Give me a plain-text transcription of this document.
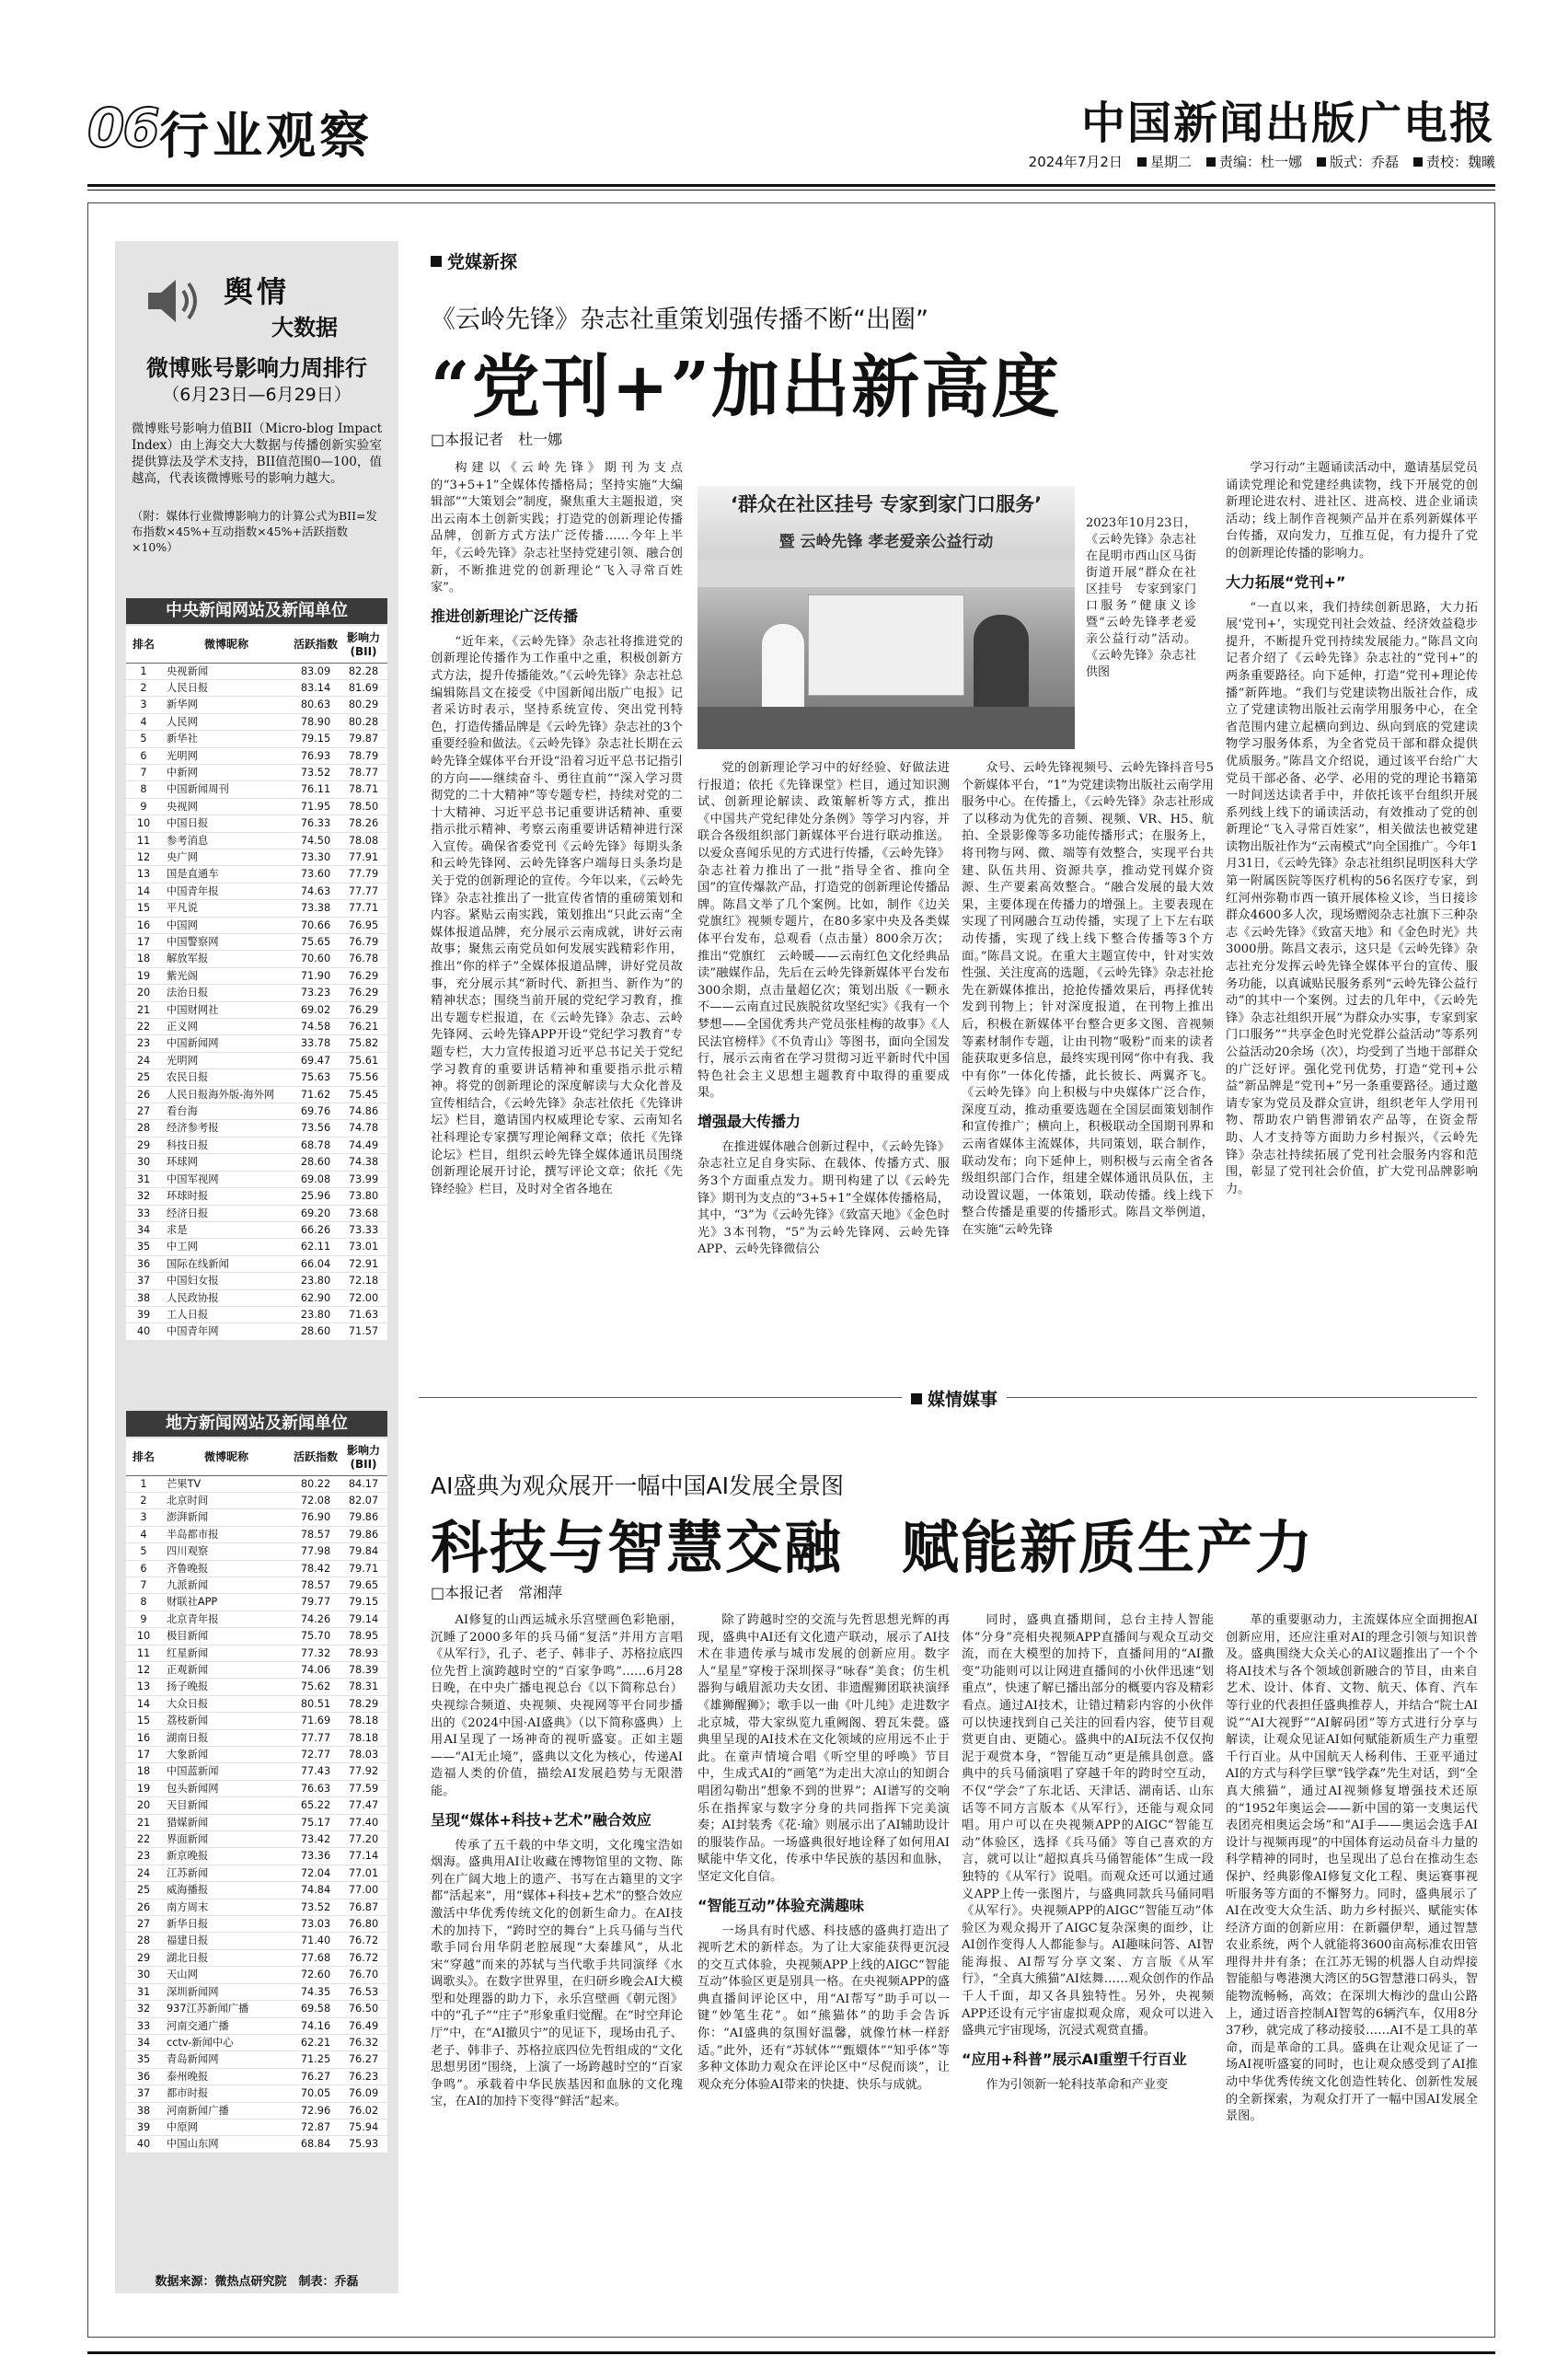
06 行业观察	中国新闻出版广电报
2024年7月2日	星期二	责编：杜一娜	版式：乔磊	责校：魏曦
舆情
大数据
微博账号影响力周排行
（6月23日—6月29日）
微博账号影响力值BII（Micro-blog Impact Index）由上海交大大数据与传播创新实验室提供算法及学术支持，BII值范围0—100，值越高，代表该微博账号的影响力越大。
（附：媒体行业微博影响力的计算公式为BII=发布指数×45%+互动指数×45%+活跃指数×10%）
中央新闻网站及新闻单位
排名	微博昵称	活跃指数	影响力(BII)
1	央视新闻	83.09	82.28
2	人民日报	83.14	81.69
3	新华网	80.63	80.29
4	人民网	78.90	80.28
5	新华社	79.15	79.87
6	光明网	76.93	78.79
7	中新网	73.52	78.77
8	中国新闻周刊	76.11	78.71
9	央视网	71.95	78.50
10	中国日报	76.33	78.26
11	参考消息	74.50	78.08
12	央广网	73.30	77.91
13	国是直通车	73.60	77.79
14	中国青年报	74.63	77.77
15	平凡说	73.38	77.71
16	中国网	70.66	76.95
17	中国警察网	75.65	76.79
18	解放军报	70.60	76.78
19	紫光阁	71.90	76.29
20	法治日报	73.23	76.29
21	中国财网社	69.02	76.29
22	正义网	74.58	76.21
23	中国新闻网	33.78	75.82
24	光明网	69.47	75.61
25	农民日报	75.63	75.56
26	人民日报海外版-海外网	71.62	75.45
27	看台海	69.76	74.86
28	经济参考报	73.56	74.78
29	科技日报	68.78	74.49
30	环球网	28.60	74.38
31	中国军视网	69.08	73.99
32	环球时报	25.96	73.80
33	经济日报	69.20	73.68
34	求是	66.26	73.33
35	中工网	62.11	73.01
36	国际在线新闻	66.04	72.91
37	中国妇女报	23.80	72.18
38	人民政协报	62.90	72.00
39	工人日报	23.80	71.63
40	中国青年网	28.60	71.57
地方新闻网站及新闻单位
排名	微博昵称	活跃指数	影响力(BII)
1	芒果TV	80.22	84.17
2	北京时间	72.08	82.07
3	澎湃新闻	76.90	79.86
4	半岛都市报	78.57	79.86
5	四川观察	77.98	79.84
6	齐鲁晚报	78.42	79.71
7	九派新闻	78.57	79.65
8	财联社APP	79.77	79.15
9	北京青年报	74.26	79.14
10	极目新闻	75.70	78.95
11	红星新闻	77.32	78.93
12	正观新闻	74.06	78.39
13	扬子晚报	75.62	78.31
14	大众日报	80.51	78.29
15	荔枝新闻	71.69	78.18
16	湖南日报	77.77	78.18
17	大象新闻	72.77	78.03
18	中国蓝新闻	77.43	77.92
19	包头新闻网	76.63	77.59
20	天目新闻	65.22	77.47
21	猎媒新闻	75.17	77.40
22	界面新闻	73.42	77.20
23	新京晚报	73.36	77.14
24	江苏新闻	72.04	77.01
25	威海播报	74.84	77.00
26	南方周末	73.52	76.87
27	新华日报	73.03	76.80
28	福建日报	71.40	76.72
29	湖北日报	77.68	76.72
30	天山网	72.60	76.70
31	深圳新闻网	74.35	76.53
32	937江苏新闻广播	69.58	76.50
33	河南交通广播	74.16	76.49
34	cctv-新闻中心	62.21	76.32
35	青岛新闻网	71.25	76.27
36	泰州晚报	76.27	76.23
37	都市时报	70.05	76.09
38	河南新闻广播	72.96	76.02
39	中原网	72.87	75.94
40	中国山东网	68.84	75.93
数据来源：微热点研究院　制表：乔磊
党媒新探
《云岭先锋》杂志社重策划强传播不断“出圈”
“党刊+”加出新高度
□本报记者　杜一娜

构建以《云岭先锋》期刊为支点的“3+5+1”全媒体传播格局；坚持实施“大编辑部”“大策划会”制度，聚焦重大主题报道，突出云南本土创新实践；打造党的创新理论传播品牌，创新方式方法广泛传播……今年上半年，《云岭先锋》杂志社坚持党建引领、融合创新，不断推进党的创新理论“飞入寻常百姓家”。

推进创新理论广泛传播

“近年来，《云岭先锋》杂志社将推进党的创新理论传播作为工作重中之重，积极创新方式方法，提升传播能效。”《云岭先锋》杂志社总编辑陈昌文在接受《中国新闻出版广电报》记者采访时表示，坚持系统宣传、突出党刊特色，打造传播品牌是《云岭先锋》杂志社的3个重要经验和做法。《云岭先锋》杂志社长期在云岭先锋全媒体平台开设“沿着习近平总书记指引的方向——继续奋斗、勇往直前”“深入学习贯彻党的二十大精神”等专题专栏，持续对党的二十大精神、习近平总书记重要讲话精神、重要指示批示精神、考察云南重要讲话精神进行深入宣传。确保省委党刊《云岭先锋》每期头条和云岭先锋网、云岭先锋客户端每日头条均是关于党的创新理论的宣传。今年以来，《云岭先锋》杂志社推出了一批宣传省情的重磅策划和内容。紧贴云南实践，策划推出“只此云南”全媒体报道品牌，充分展示云南成就，讲好云南故事；聚焦云南党员如何发展实践精彩作用，推出“你的样子”全媒体报道品牌，讲好党员故事，充分展示其“新时代、新担当、新作为”的精神状态；围绕当前开展的党纪学习教育，推出专题专栏报道，在《云岭先锋》杂志、云岭先锋网、云岭先锋APP开设“党纪学习教育”专题专栏，大力宣传报道习近平总书记关于党纪学习教育的重要讲话精神和重要指示批示精神。将党的创新理论的深度解读与大众化普及宣传相结合，《云岭先锋》杂志社依托《先锋讲坛》栏目，邀请国内权威理论专家、云南知名社科理论专家撰写理论阐释文章；依托《先锋论坛》栏目，组织云岭先锋全媒体通讯员围绕创新理论展开讨论，撰写评论文章；依托《先锋经验》栏目，及时对全省各地在

‘群众在社区挂号 专家到家门口服务’
暨 云岭先锋 孝老爱亲公益行动
2023年10月23日，《云岭先锋》杂志社在昆明市西山区马街街道开展“群众在社区挂号　专家到家门口服务”健康义诊暨“云岭先锋孝老爱亲公益行动”活动。《云岭先锋》杂志社　供图

党的创新理论学习中的好经验、好做法进行报道；依托《先锋课堂》栏目，通过知识测试、创新理论解读、政策解析等方式，推出《中国共产党纪律处分条例》等学习内容，并联合各级组织部门新媒体平台进行联动推送。以爱众喜闻乐见的方式进行传播，《云岭先锋》杂志社着力推出了一批“指导全省、推向全国”的宣传爆款产品，打造党的创新理论传播品牌。陈昌文举了几个案例。比如，制作《边关党旗红》视频专题片，在80多家中央及各类媒体平台发布，总观看（点击量）800余万次；推出“党旗红　云岭暖——云南红色文化经典品读”融媒作品，先后在云岭先锋新媒体平台发布300余期，点击量超亿次；策划出版《一颗永不——云南直过民族脱贫攻坚纪实》《我有一个梦想——全国优秀共产党员张桂梅的故事》《人民法官榜样》《不负青山》等图书，面向全国发行，展示云南省在学习贯彻习近平新时代中国特色社会主义思想主题教育中取得的重要成果。

增强最大传播力

在推进媒体融合创新过程中，《云岭先锋》杂志社立足自身实际、在载体、传播方式、服务3个方面重点发力。期刊构建了以《云岭先锋》期刊为支点的“3+5+1”全媒体传播格局，其中，“3”为《云岭先锋》《致富天地》《金色时光》3本刊物，“5”为云岭先锋网、云岭先锋APP、云岭先锋微信公

众号、云岭先锋视频号、云岭先锋抖音号5个新媒体平台，“1”为党建读物出版社云南学用服务中心。在传播上，《云岭先锋》杂志社形成了以移动为优先的音频、视频、VR、H5、航拍、全景影像等多功能传播形式；在服务上，将刊物与网、微、端等有效整合，实现平台共建、队伍共用、资源共享，推动党刊媒介资源、生产要素高效整合。“融合发展的最大效果，主要体现在传播力的增强上。主要表现在实现了刊网融合互动传播，实现了上下左右联动传播，实现了线上线下整合传播等3个方面。”陈昌文说。在重大主题宣传中，针对实效性强、关注度高的选题，《云岭先锋》杂志社抢先在新媒体推出，抢抢传播效果后，再择优转发到刊物上；针对深度报道，在刊物上推出后，积极在新媒体平台整合更多文图、音视频等素材制作专题，让由刊物“吸粉”而来的读者能获取更多信息，最终实现刊网“你中有我、我中有你”一体化传播，此长彼长、两翼齐飞。《云岭先锋》向上积极与中央媒体广泛合作，深度互动，推动重要选题在全国层面策划制作和宣传推广；横向上，积极联动全国期刊界和云南省媒体主流媒体，共同策划，联合制作，联动发布；向下延伸上，则积极与云南全省各级组织部门合作，组建全媒体通讯员队伍，主动设置议题，一体策划，联动传播。线上线下整合传播是重要的传播形式。陈昌文举例道，在实施“云岭先锋

学习行动”主题诵读活动中，邀请基层党员诵读党理论和党建经典读物，线下开展党的创新理论进农村、进社区、进高校、进企业诵读活动；线上制作音视频产品并在系列新媒体平台传播，双向发力，互推互促，有力提升了党的创新理论传播的影响力。

大力拓展“党刊+”

“一直以来，我们持续创新思路，大力拓展‘党刊+’，实现党刊社会效益、经济效益稳步提升，不断提升党刊持续发展能力。”陈昌文向记者介绍了《云岭先锋》杂志社的“党刊+”的两条重要路径。向下延伸，打造“党刊+理论传播”新阵地。“我们与党建读物出版社合作，成立了党建读物出版社云南学用服务中心，在全省范围内建立起横向到边、纵向到底的党建读物学习服务体系，为全省党员干部和群众提供优质服务。”陈昌文介绍说，通过该平台给广大党员干部必备、必学、必用的党的理论书籍第一时间送达读者手中，并依托该平台组织开展系列线上线下的诵读活动，有效推动了党的创新理论“飞入寻常百姓家”，相关做法也被党建读物出版社作为“云南模式”向全国推广。今年1月31日，《云岭先锋》杂志社组织昆明医科大学第一附属医院等医疗机构的56名医疗专家，到红河州弥勒市西一镇开展体检义诊，当日接诊群众4600多人次，现场赠阅杂志社旗下三种杂志《云岭先锋》《致富天地》和《金色时光》共3000册。陈昌文表示，这只是《云岭先锋》杂志社充分发挥云岭先锋全媒体平台的宣传、服务功能，以真诚贴民服务系列“云岭先锋公益行动”的其中一个案例。过去的几年中，《云岭先锋》杂志社组织开展“为群众办实事，专家到家门口服务”“共享金色时光党群公益活动”等系列公益活动20余场（次），均受到了当地干部群众的广泛好评。强化党刊优势，打造“党刊+公益”新品牌是“党刊+”另一条重要路径。通过邀请专家为党员及群众宣讲，组织老年人学用刊物、帮助农户销售滞销农产品等，在资金帮助、人才支持等方面助力乡村振兴，《云岭先锋》杂志社持续拓展了党刊社会服务内容和范围，彰显了党刊社会价值，扩大党刊品牌影响力。

媒情媒事
AI盛典为观众展开一幅中国AI发展全景图
科技与智慧交融　赋能新质生产力
□本报记者　常湘萍

AI修复的山西运城永乐宫壁画色彩艳丽，沉睡了2000多年的兵马俑“复活”并用方言唱《从军行》，孔子、老子、韩非子、苏格拉底四位先哲上演跨越时空的“百家争鸣”……6月28日晚，在中央广播电视总台《以下简称总台）央视综合频道、央视频、央视网等平台同步播出的《2024中国·AI盛典》（以下简称盛典）上用AI呈现了一场神奇的视听盛宴。正如主题——“AI无止境”，盛典以文化为核心，传递AI造福人类的价值，描绘AI发展趋势与无限潜能。

呈现“媒体+科技+艺术”融合效应

传承了五千载的中华文明，文化瑰宝浩如烟海。盛典用AI让收藏在博物馆里的文物、陈列在广阔大地上的遗产、书写在古籍里的文字都“活起来”，用“媒体+科技+艺术”的整合效应激活中华优秀传统文化的创新生命力。在AI技术的加持下，“跨时空的舞台”上兵马俑与当代歌手同台用华阴老腔展现“大秦雄风”，从北宋“穿越”而来的苏轼与当代歌手共同演绎《水调歌头》。在数字世界里，在归研乡晚会AI大模型和处理器的助力下，永乐宫壁画《朝元图》中的“孔子”“庄子”形象重归觉醒。在“时空拜论厅”中，在“AI撤贝宁”的见证下，现场由孔子、老子、韩非子、苏格拉底四位先哲组成的“文化思想男团”围绕，上演了一场跨越时空的“百家争鸣”。承载着中华民族基因和血脉的文化瑰宝，在AI的加持下变得“鲜活”起来。

除了跨越时空的交流与先哲思想光辉的再现，盛典中AI还有文化遗产联动，展示了AI技术在非遗传承与城市发展的创新应用。数字人“星星”穿梭于深圳探寻“咏春”美食；仿生机器狗与峨眉派功夫女团、非遗醒狮团联袂演绎《雄狮醒狮》；歌手以一曲《叶儿纯》走进数字北京城，带大家纵览九重阙阁、碧瓦朱甍。盛典里呈现的AI技术在文化领域的应用远不止于此。在童声情境合唱《听空里的呼唤》节目中，生成式AI的“画笔”为走出大凉山的知朗合唱团勾勒出“想象不到的世界”；AI谱写的交响乐在指挥家与数字分身的共同指挥下完美演奏；AI封装秀《花·瑜》则展示出了AI辅助设计的服装作品。一场盛典很好地诠释了如何用AI赋能中华文化，传承中华民族的基因和血脉，坚定文化自信。

“智能互动”体验充满趣味

一场具有时代感、科技感的盛典打造出了视听艺术的新样态。为了让大家能获得更沉浸的交互式体验，央视频APP上线的AIGC“智能互动”体验区更是别具一格。在央视频APP的盛典直播间评论区中，用“AI帮写”助手可以一键“妙笔生花”。如“熊猫体”的助手会告诉你：“AI盛典的氛围好温馨，就像竹林一样舒适。”此外，还有“苏轼体”“甄嬛体”“知乎体”等多种文体助力观众在评论区中“尽倪而谈”，让观众充分体验AI带来的快捷、快乐与成就。

同时，盛典直播期间，总台主持人智能体“分身”亮相央视频APP直播间与观众互动交流，而在大模型的加持下，直播间用的“AI撒变”功能则可以让网进直播间的小伙伴迅速“划重点”，快速了解已播出部分的概要内容及精彩看点。通过AI技术，让错过精彩内容的小伙伴可以快速找到自己关注的回看内容，使节目观赏更自由、更随心。盛典中的AI玩法不仅仅拘泥于观赏本身，“智能互动”更是熊具创意。盛典中的兵马俑演唱了穿越千年的跨时空互动，不仅“学会”了东北话、天津话、湖南话、山东话等不同方言版本《从军行》，还能与观众同唱。用户可以在央视频APP的AIGC“智能互动”体验区，选择《兵马俑》等自己喜欢的方言，就可以让“超拟真兵马俑智能体”生成一段独特的《从军行》说唱。而观众还可以通过通义APP上传一张图片，与盛典同款兵马俑同唱《从军行》。央视频APP的AIGC“智能互动”体验区为观众揭开了AIGC复杂深奥的面纱，让AI创作变得人人都能参与。AI趣味问答、AI智能海报、AI帮写分享文案、方言版《从军行》，“全真大熊猫”AI炫舞……观众创作的作品千人千面，却又各具独特性。另外，央视频APP还设有元宇宙虚拟观众席，观众可以进入盛典元宇宙现场，沉浸式观赏直播。

“应用+科普”展示AI重塑千行百业

作为引领新一轮科技革命和产业变

革的重要驱动力，主流媒体应全面拥抱AI创新应用，还应注重对AI的理念引领与知识普及。盛典围绕大众关心的AI议题推出了一个个将AI技术与各个领域创新融合的节目，由来自艺术、设计、体育、文物、航天、体育、汽车等行业的代表担任盛典推荐人，并结合“院士AI说”“AI大视野”“AI解码团”等方式进行分享与解读，让观众见证AI如何赋能新质生产力重塑千行百业。从中国航天人杨利伟、王亚平通过AI的方式与科学巨擘“钱学森”先生对话，到“全真大熊猫”，通过AI视频修复增强技术还原的“1952年奥运会——新中国的第一支奥运代表团亮相奥运会场”和“AI手——奥运会选手AI设计与视频再现”的中国体育运动员奋斗力量的科学精神的同时，也呈现出了总台在推动生态保护、经典影像AI修复文化工程、奥运赛事视听服务等方面的不懈努力。同时，盛典展示了AI在改变大众生活、助力乡村振兴、赋能实体经济方面的创新应用：在新疆伊犁，通过智慧农业系统，两个人就能将3600亩高标准农田管理得井井有条；在江苏无锡的机器人自动焊接智能船与粤港澳大湾区的5G智慧港口码头，智能物流畅畅，高效；在深圳大梅沙的盘山公路上，通过语音控制AI智驾的6辆汽车，仅用8分37秒，就完成了移动接驳……AI不是工具的革命，而是革命的工具。盛典在让观众见证了一场AI视听盛宴的同时，也让观众感受到了AI推动中华优秀传统文化创造性转化、创新性发展的全新探索，为观众打开了一幅中国AI发展全景图。
